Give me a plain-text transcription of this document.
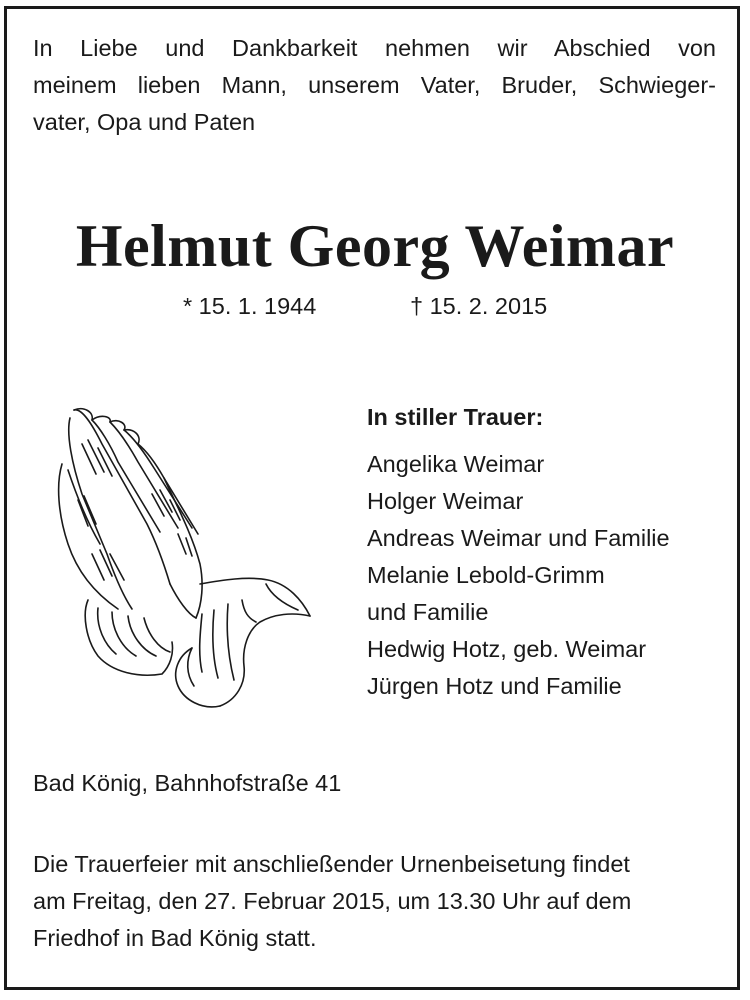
In Liebe und Dankbarkeit nehmen wir Abschied von
meinem lieben Mann, unserem Vater, Bruder, Schwieger-
vater, Opa und Paten
Helmut Georg Weimar
* 15. 1. 1944	† 15. 2. 2015
In stiller Trauer:
Angelika Weimar
Holger Weimar
Andreas Weimar und Familie
Melanie Lebold-Grimm
und Familie
Hedwig Hotz, geb. Weimar
Jürgen Hotz und Familie
Bad König, Bahnhofstraße 41
Die Trauerfeier mit anschließender Urnenbeisetung findet
am Freitag, den 27. Februar 2015, um 13.30 Uhr auf dem
Friedhof in Bad König statt.
